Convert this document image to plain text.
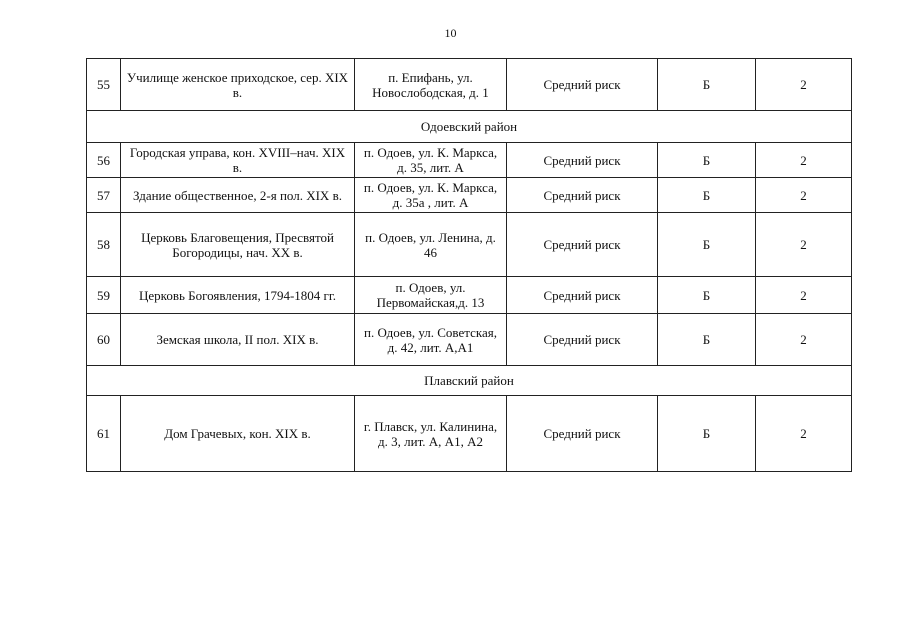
10
55	Училище женское приходское, сер. XIX в.	п. Епифань, ул. Новослободская, д. 1	Средний риск	Б	2
Одоевский район					
56	Городская управа, кон. XVIII–нач. XIX в.	п. Одоев, ул. К. Маркса, д. 35, лит. А	Средний риск	Б	2
57	Здание общественное, 2-я пол. XIX в.	п. Одоев, ул. К. Маркса, д. 35а , лит. А	Средний риск	Б	2
58	Церковь Благовещения, Пресвятой Богородицы, нач. XX в.	п. Одоев, ул. Ленина, д. 46	Средний риск	Б	2
59	Церковь Богоявления, 1794-1804 гг.	п. Одоев, ул. Первомайская,д. 13	Средний риск	Б	2
60	Земская школа, II пол. XIX в.	п. Одоев, ул. Советская, д. 42, лит. А,А1	Средний риск	Б	2
Плавский район					
61	Дом Грачевых, кон. XIX в.	г. Плавск, ул. Калинина, д. 3, лит. А, А1, А2	Средний риск	Б	2
